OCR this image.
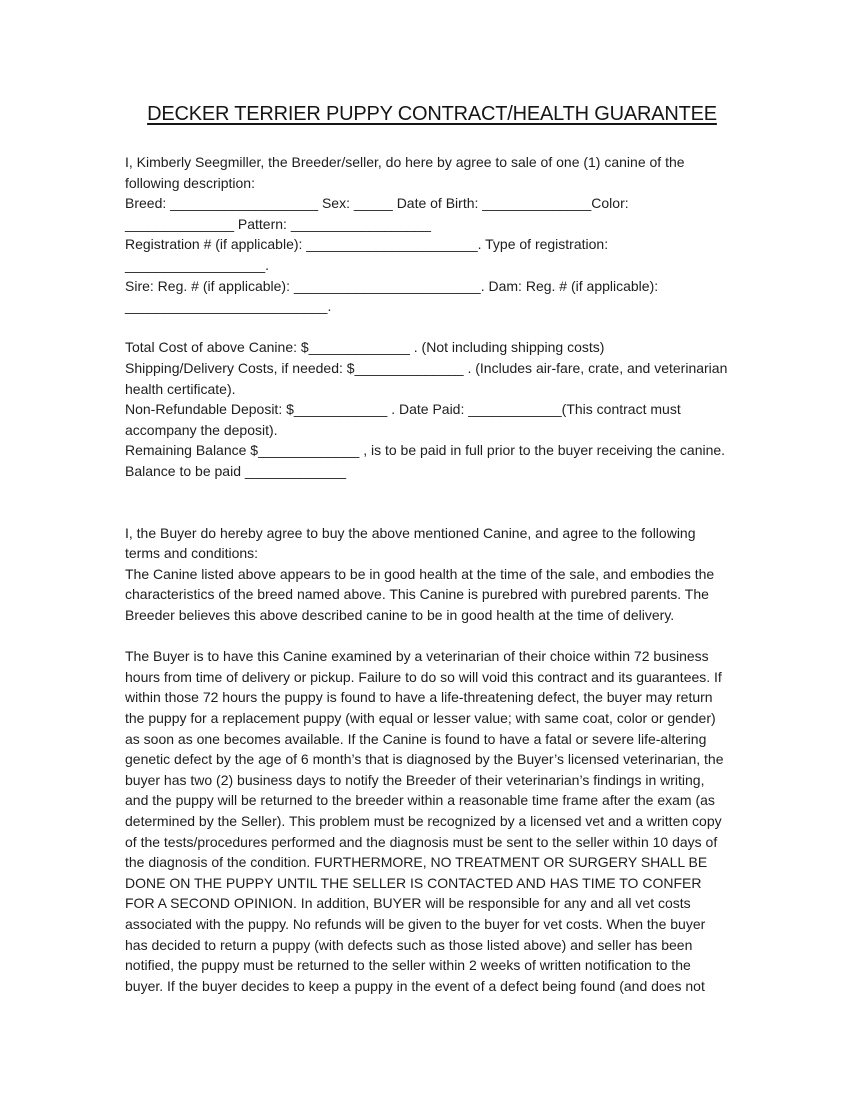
DECKER TERRIER PUPPY CONTRACT/HEALTH GUARANTEE
I, Kimberly Seegmiller, the Breeder/seller, do here by agree to sale of one (1) canine of the
following description:
Breed: ___________________ Sex: _____ Date of Birth: ______________Color:
______________ Pattern: __________________
Registration # (if applicable): ______________________. Type of registration:
__________________.
Sire: Reg. # (if applicable): ________________________. Dam: Reg. # (if applicable):
__________________________.
Total Cost of above Canine: $_____________ . (Not including shipping costs)
Shipping/Delivery Costs, if needed: $______________ . (Includes air-fare, crate, and veterinarian
health certificate).
Non-Refundable Deposit: $____________ . Date Paid: ____________(This contract must
accompany the deposit).
Remaining Balance $_____________ , is to be paid in full prior to the buyer receiving the canine.
Balance to be paid _____________
I, the Buyer do hereby agree to buy the above mentioned Canine, and agree to the following
terms and conditions:
The Canine listed above appears to be in good health at the time of the sale, and embodies the
characteristics of the breed named above. This Canine is purebred with purebred parents. The
Breeder believes this above described canine to be in good health at the time of delivery.
The Buyer is to have this Canine examined by a veterinarian of their choice within 72 business
hours from time of delivery or pickup. Failure to do so will void this contract and its guarantees. If
within those 72 hours the puppy is found to have a life-threatening defect, the buyer may return
the puppy for a replacement puppy (with equal or lesser value; with same coat, color or gender)
as soon as one becomes available. If the Canine is found to have a fatal or severe life-altering
genetic defect by the age of 6 month’s that is diagnosed by the Buyer’s licensed veterinarian, the
buyer has two (2) business days to notify the Breeder of their veterinarian’s findings in writing,
and the puppy will be returned to the breeder within a reasonable time frame after the exam (as
determined by the Seller). This problem must be recognized by a licensed vet and a written copy
of the tests/procedures performed and the diagnosis must be sent to the seller within 10 days of
the diagnosis of the condition. FURTHERMORE, NO TREATMENT OR SURGERY SHALL BE
DONE ON THE PUPPY UNTIL THE SELLER IS CONTACTED AND HAS TIME TO CONFER
FOR A SECOND OPINION. In addition, BUYER will be responsible for any and all vet costs
associated with the puppy. No refunds will be given to the buyer for vet costs. When the buyer
has decided to return a puppy (with defects such as those listed above) and seller has been
notified, the puppy must be returned to the seller within 2 weeks of written notification to the
buyer. If the buyer decides to keep a puppy in the event of a defect being found (and does not
